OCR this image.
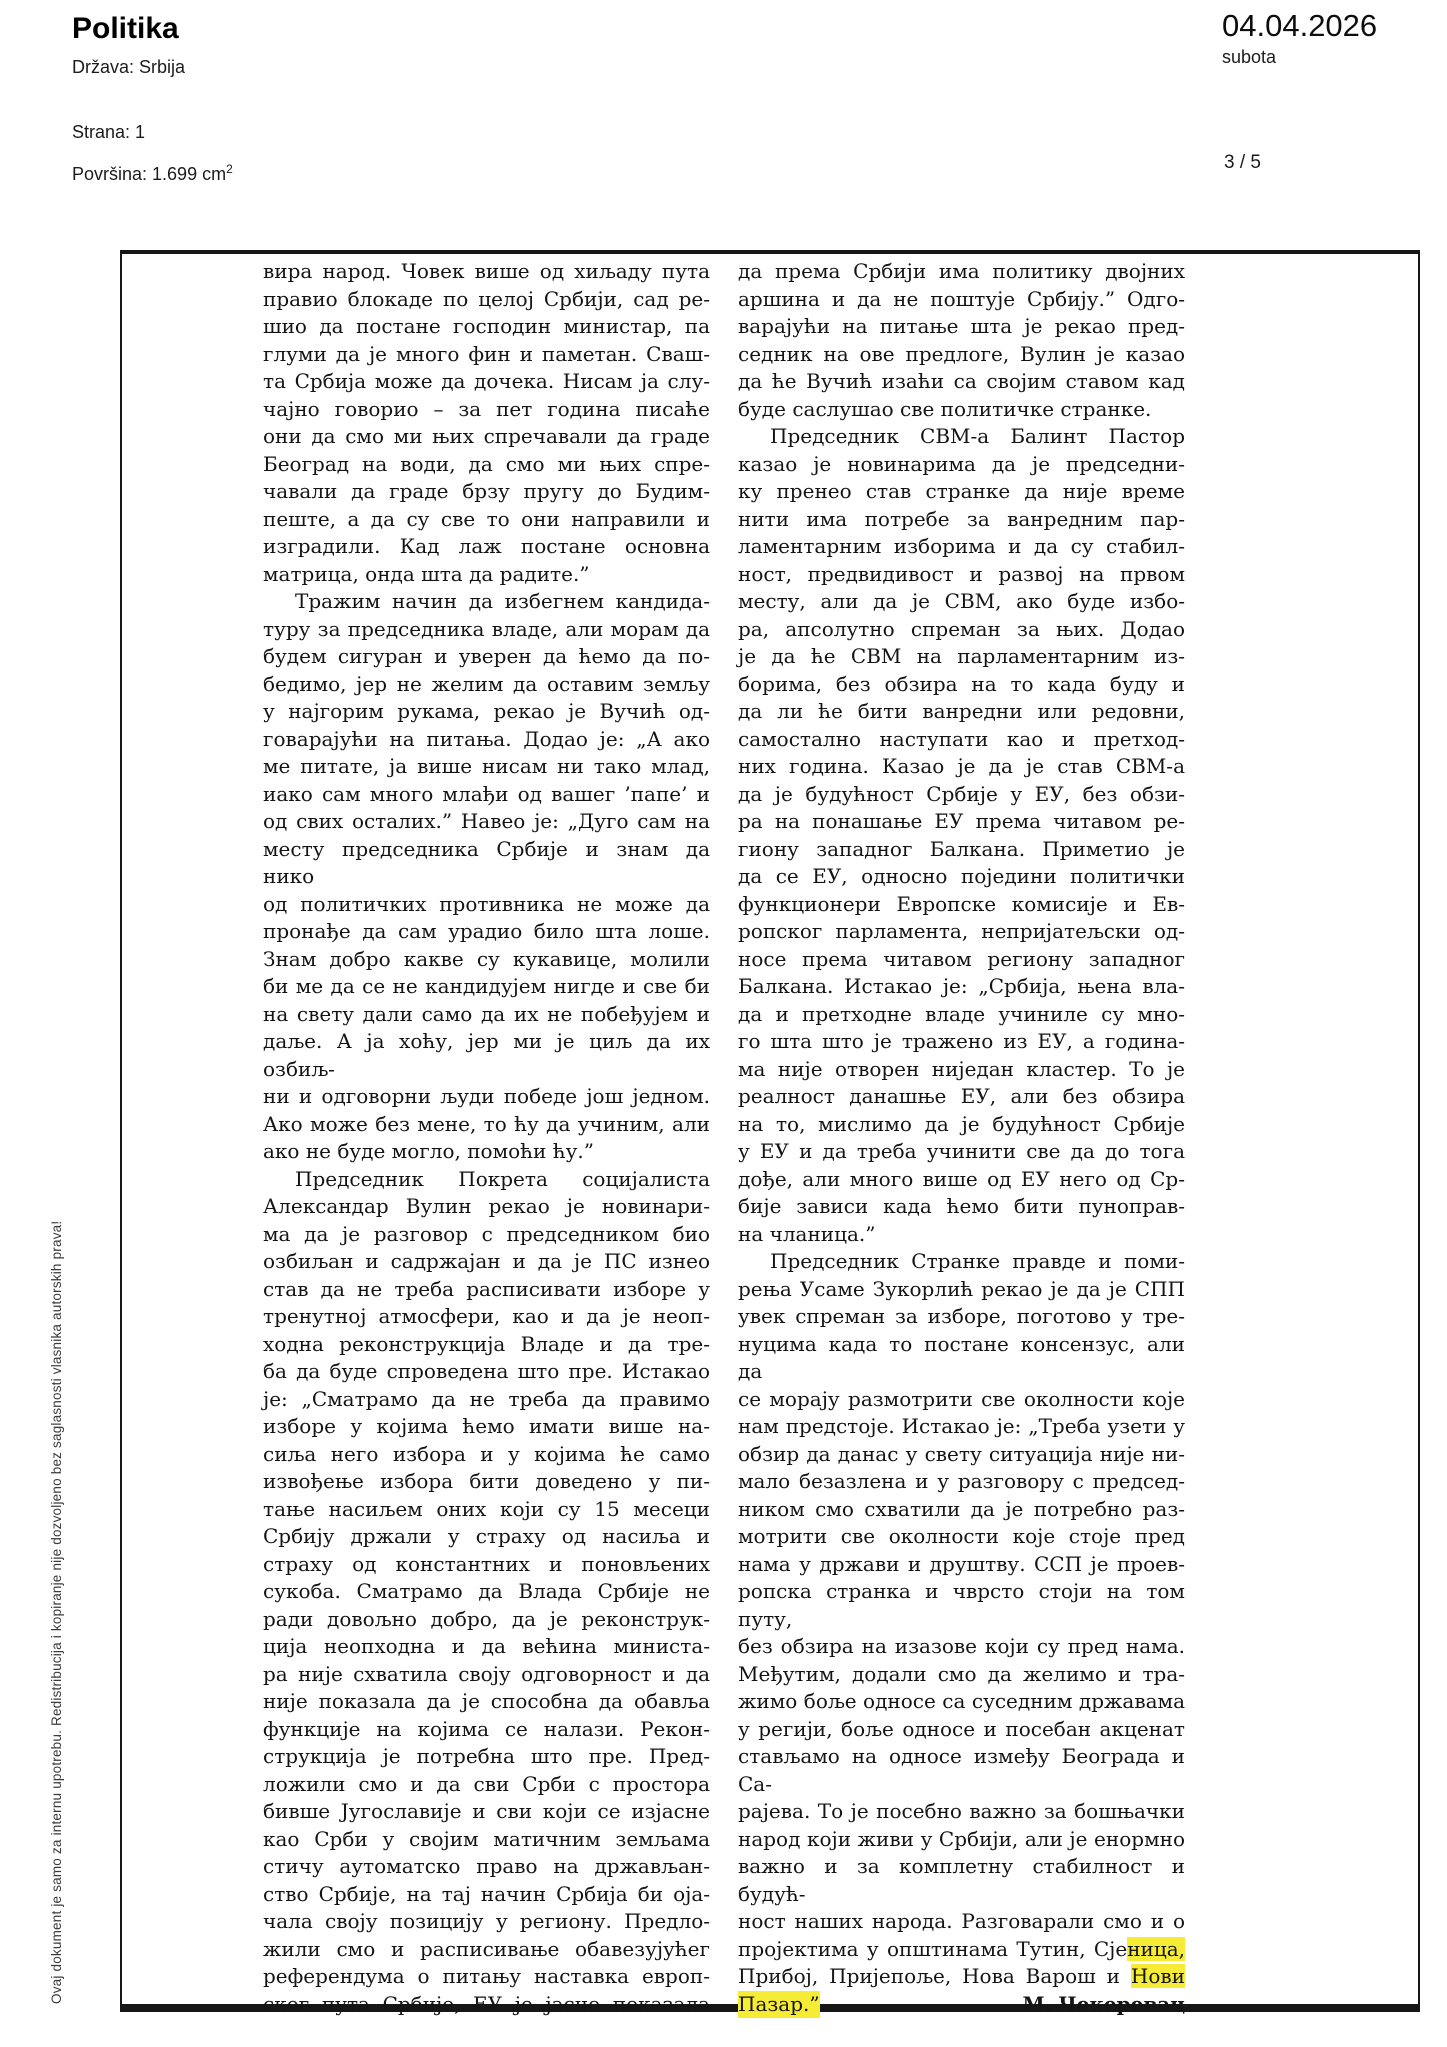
Politika
Država: Srbija
Strana: 1
Površina: 1.699 $cm^2$
04.04.2026
subota
3 / 5
вира народ. Човек више од хиљаду пута
правио блокаде по целој Србији, сад ре-
шио да постане господин министар, па
глуми да је много фин и паметан. Сваш-
та Србија може да дочека. Нисам ја слу-
чајно говорио – за пет година писаће
они да смо ми њих спречавали да граде
Београд на води, да смо ми њих спре-
чавали да граде брзу пругу до Будим-
пеште, а да су све то они направили и
изградили. Кад лаж постане основна
матрица, онда шта да радите.”
Тражим начин да избегнем кандида-
туру за председника владе, али морам да
будем сигуран и уверен да ћемо да по-
бедимо, јер не желим да оставим земљу
у најгорим рукама, рекао је Вучић од-
говарајући на питања. Додао је: „А ако
ме питате, ја више нисам ни тако млад,
иако сам много млађи од вашег ’папе’ и
од свих осталих.” Навео је: „Дуго сам на
месту председника Србије и знам да нико
од политичких противника не може да
пронађе да сам урадио било шта лоше.
Знам добро какве су кукавице, молили
би ме да се не кандидујем нигде и све би
на свету дали само да их не побеђујем и
даље. А ја хоћу, јер ми је циљ да их озбиљ-
ни и одговорни људи победе још једном.
Ако може без мене, то ћу да учиним, али
ако не буде могло, помоћи ћу.”
Председник Покрета социјалиста
Александар Вулин рекао је новинари-
ма да је разговор с председником био
озбиљан и садржајан и да је ПС изнео
став да не треба расписивати изборе у
тренутној атмосфери, као и да је неоп-
ходна реконструкција Владе и да тре-
ба да буде спроведена што пре. Истакао
је: „Сматрамо да не треба да правимо
изборе у којима ћемо имати више на-
сиља него избора и у којима ће само
извођење избора бити доведено у пи-
тање насиљем оних који су 15 месеци
Србију држали у страху од насиља и
страху од константних и поновљених
сукоба. Сматрамо да Влада Србије не
ради довољно добро, да је реконструк-
ција неопходна и да већина министа-
ра није схватила своју одговорност и да
није показала да је способна да обавља
функције на којима се налази. Рекон-
струкција је потребна што пре. Пред-
ложили смо и да сви Срби с простора
бивше Југославије и сви који се изјасне
као Срби у својим матичним земљама
стичу аутоматско право на држављан-
ство Србије, на тај начин Србија би оја-
чала своју позицију у региону. Предло-
жили смо и расписивање обавезујућег
референдума о питању наставка европ-
ског пута Србије, ЕУ је јасно показала
да према Србији има политику двојних
аршина и да не поштује Србију.” Одго-
варајући на питање шта је рекао пред-
седник на ове предлоге, Вулин је казао
да ће Вучић изаћи са својим ставом кад
буде саслушао све политичке странке.
Председник СВМ-а Балинт Пастор
казао је новинарима да је председни-
ку пренео став странке да није време
нити има потребе за ванредним пар-
ламентарним изборима и да су стабил-
ност, предвидивост и развој на првом
месту, али да је СВМ, ако буде избо-
ра, апсолутно спреман за њих. Додао
је да ће СВМ на парламентарним из-
борима, без обзира на то када буду и
да ли ће бити ванредни или редовни,
самостално наступати као и претход-
них година. Казао је да је став СВМ-а
да је будућност Србије у ЕУ, без обзи-
ра на понашање ЕУ према читавом ре-
гиону западног Балкана. Приметио је
да се ЕУ, односно поједини политички
функционери Европске комисије и Ев-
ропског парламента, непријатељски од-
носе према читавом региону западног
Балкана. Истакао је: „Србија, њена вла-
да и претходне владе учиниле су мно-
го шта што је тражено из ЕУ, а година-
ма није отворен ниједан кластер. То је
реалност данашње ЕУ, али без обзира
на то, мислимо да је будућност Србије
у ЕУ и да треба учинити све да до тога
дође, али много више од ЕУ него од Ср-
бије зависи када ћемо бити пуноправ-
на чланица.”
Председник Странке правде и поми-
рења Усаме Зукорлић рекао је да је СПП
увек спреман за изборе, поготово у тре-
нуцима када то постане консензус, али да
се морају размотрити све околности које
нам предстоје. Истакао је: „Треба узети у
обзир да данас у свету ситуација није ни-
мало безазлена и у разговору с председ-
ником смо схватили да је потребно раз-
мотрити све околности које стоје пред
нама у држави и друштву. ССП је проев-
ропска странка и чврсто стоји на том путу,
без обзира на изазове који су пред нама.
Међутим, додали смо да желимо и тра-
жимо боље односе са суседним државама
у регији, боље односе и посебан акценат
стављамо на односе између Београда и Са-
рајева. То је посебно важно за бошњачки
народ који живи у Србији, али је енормно
важно и за комплетну стабилност и будућ-
ност наших народа. Разговарали смо и о
пројектима у општинама Тутин, Сјеница,
Прибој, Пријепоље, Нова Варош и Нови
Пазар.”	М. Чекеревац
Ovaj dokument je samo za internu upotrebu. Redistribucija i kopiranje nije dozvoljeno bez saglasnosti vlasnika autorskih prava!
